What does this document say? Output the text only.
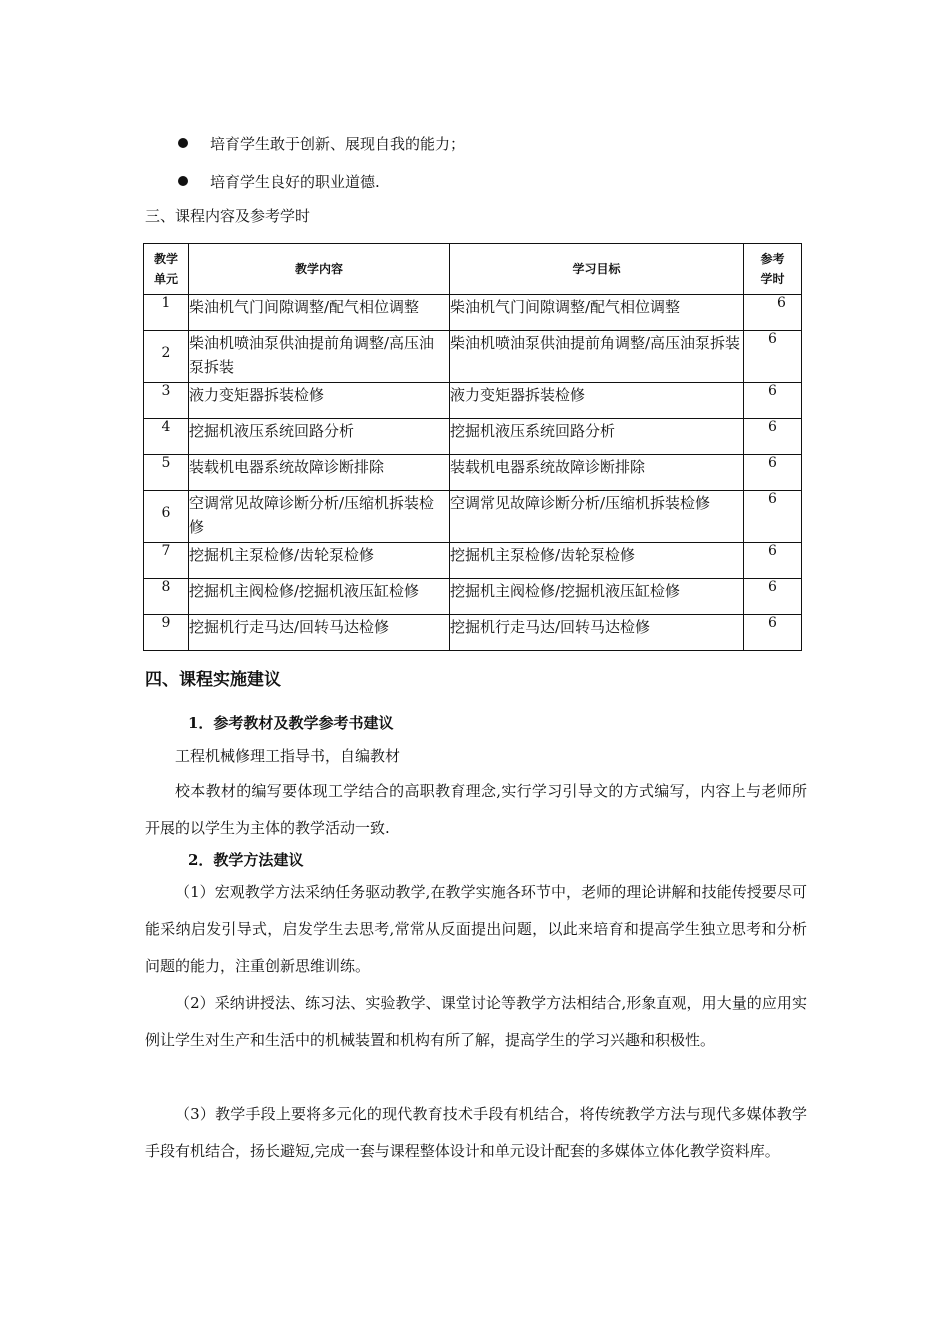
培育学生敢于创新、展现自我的能力；
培育学生良好的职业道德.
三、课程内容及参考学时
教学单元	教学内容	学习目标	参考学时

1	柴油机气门间隙调整/配气相位调整	柴油机气门间隙调整/配气相位调整	6
2	柴油机喷油泵供油提前角调整/高压油泵拆装	柴油机喷油泵供油提前角调整/高压油泵拆装	6
3	液力变矩器拆装检修	液力变矩器拆装检修	6
4	挖掘机液压系统回路分析	挖掘机液压系统回路分析	6
5	装载机电器系统故障诊断排除	装载机电器系统故障诊断排除	6
6	空调常见故障诊断分析/压缩机拆装检修	空调常见故障诊断分析/压缩机拆装检修	6
7	挖掘机主泵检修/齿轮泵检修	挖掘机主泵检修/齿轮泵检修	6
8	挖掘机主阀检修/挖掘机液压缸检修	挖掘机主阀检修/挖掘机液压缸检修	6
9	挖掘机行走马达/回转马达检修	挖掘机行走马达/回转马达检修	6
四、课程实施建议
1．参考教材及教学参考书建议
工程机械修理工指导书，自编教材
校本教材的编写要体现工学结合的高职教育理念,实行学习引导文的方式编写，内容上与老师所开展的以学生为主体的教学活动一致.
2．教学方法建议
（1）宏观教学方法采纳任务驱动教学,在教学实施各环节中，老师的理论讲解和技能传授要尽可能采纳启发引导式，启发学生去思考,常常从反面提出问题，以此来培育和提高学生独立思考和分析问题的能力，注重创新思维训练。
（2）采纳讲授法、练习法、实验教学、课堂讨论等教学方法相结合,形象直观，用大量的应用实例让学生对生产和生活中的机械装置和机构有所了解，提高学生的学习兴趣和积极性。
（3）教学手段上要将多元化的现代教育技术手段有机结合，将传统教学方法与现代多媒体教学手段有机结合，扬长避短,完成一套与课程整体设计和单元设计配套的多媒体立体化教学资料库。
